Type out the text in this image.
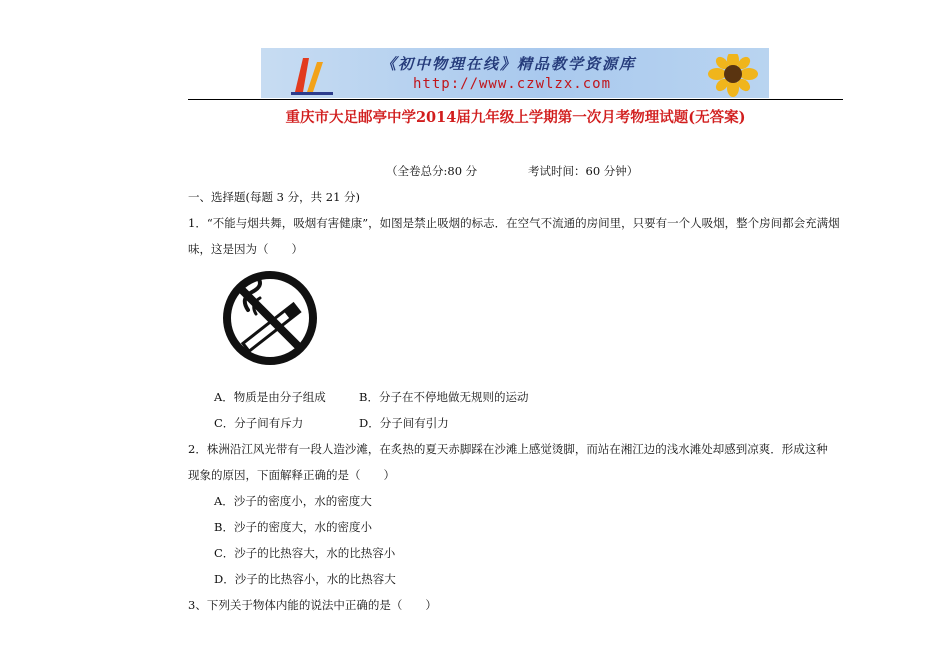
《初中物理在线》精品教学资源库
http://www.czwlzx.com
重庆市大足邮亭中学2014届九年级上学期第一次月考物理试题(无答案)
（全卷总分:80 分	考试时间：60 分钟）
一、选择题(每题 3 分，共 21 分)
1．“不能与烟共舞，吸烟有害健康”，如图是禁止吸烟的标志．在空气不流通的房间里，只要有一个人吸烟，整个房间都会充满烟
味，这是因为（　　）
A．物质是由分子组成	B．分子在不停地做无规则的运动
C．分子间有斥力	D．分子间有引力
2．株洲沿江风光带有一段人造沙滩，在炙热的夏天赤脚踩在沙滩上感觉烫脚，而站在湘江边的浅水滩处却感到凉爽．形成这种
现象的原因，下面解释正确的是（　　）
A．沙子的密度小，水的密度大
B．沙子的密度大，水的密度小
C．沙子的比热容大，水的比热容小
D．沙子的比热容小，水的比热容大
3、下列关于物体内能的说法中正确的是（　　）
